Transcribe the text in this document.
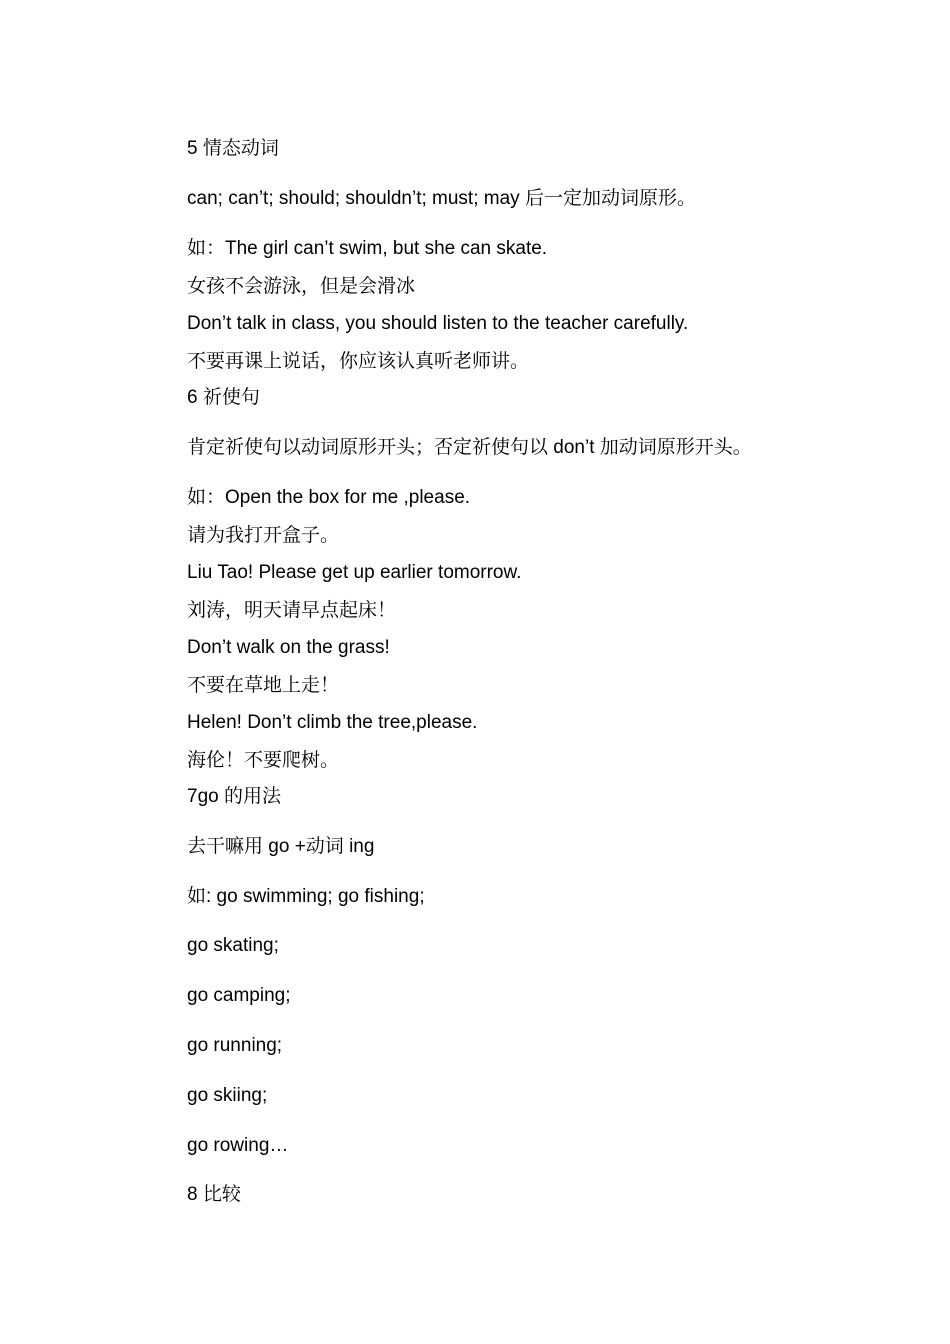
5 情态动词
can; can’t; should; shouldn’t; must; may 后一定加动词原形。
如：The girl can’t swim, but she can skate.
女孩不会游泳，但是会滑冰
Don’t talk in class, you should listen to the teacher carefully.
不要再课上说话，你应该认真听老师讲。
6 祈使句
肯定祈使句以动词原形开头；否定祈使句以 don’t 加动词原形开头。
如：Open the box for me ,please.
请为我打开盒子。
Liu Tao! Please get up earlier tomorrow.
刘涛，明天请早点起床！
Don’t walk on the grass!
不要在草地上走！
Helen! Don’t climb the tree,please.
海伦！不要爬树。
7go 的用法
去干嘛用 go +动词 ing
如: go swimming; go fishing;
go skating;
go camping;
go running;
go skiing;
go rowing…
8 比较
